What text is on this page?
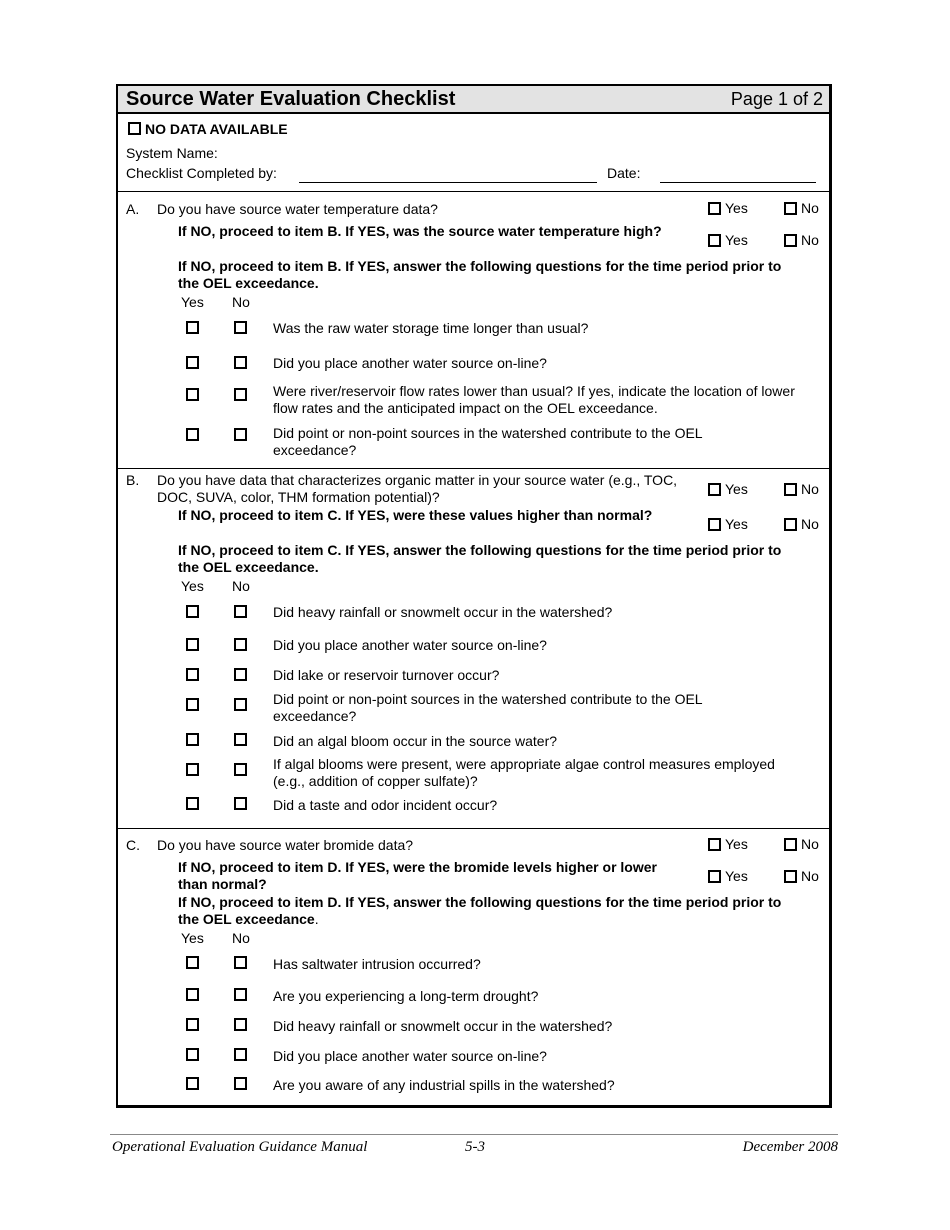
Source Water Evaluation Checklist	Page 1 of 2
NO DATA AVAILABLE
System Name:
Checklist Completed by:	Date:
A. Do you have source water temperature data?	Yes	No
If NO, proceed to item B. If YES, was the source water temperature high?
Yes	No
If NO, proceed to item B. If YES, answer the following questions for the time period prior to the OEL exceedance.
Yes No
Was the raw water storage time longer than usual?
Did you place another water source on-line?
Were river/reservoir flow rates lower than usual? If yes, indicate the location of lower flow rates and the anticipated impact on the OEL exceedance.
Did point or non-point sources in the watershed contribute to the OEL exceedance?
B. Do you have data that characterizes organic matter in your source water (e.g., TOC, DOC, SUVA, color, THM formation potential)?	Yes	No
If NO, proceed to item C. If YES, were these values higher than normal?
Yes	No
If NO, proceed to item C. If YES, answer the following questions for the time period prior to the OEL exceedance.
Yes No
Did heavy rainfall or snowmelt occur in the watershed?
Did you place another water source on-line?
Did lake or reservoir turnover occur?
Did point or non-point sources in the watershed contribute to the OEL exceedance?
Did an algal bloom occur in the source water?
If algal blooms were present, were appropriate algae control measures employed (e.g., addition of copper sulfate)?
Did a taste and odor incident occur?
C. Do you have source water bromide data?	Yes	No
If NO, proceed to item D. If YES, were the bromide levels higher or lower than normal?	Yes	No
If NO, proceed to item D. If YES, answer the following questions for the time period prior to the OEL exceedance.
Yes No
Has saltwater intrusion occurred?
Are you experiencing a long-term drought?
Did heavy rainfall or snowmelt occur in the watershed?
Did you place another water source on-line?
Are you aware of any industrial spills in the watershed?
Operational Evaluation Guidance Manual	5-3	December 2008
